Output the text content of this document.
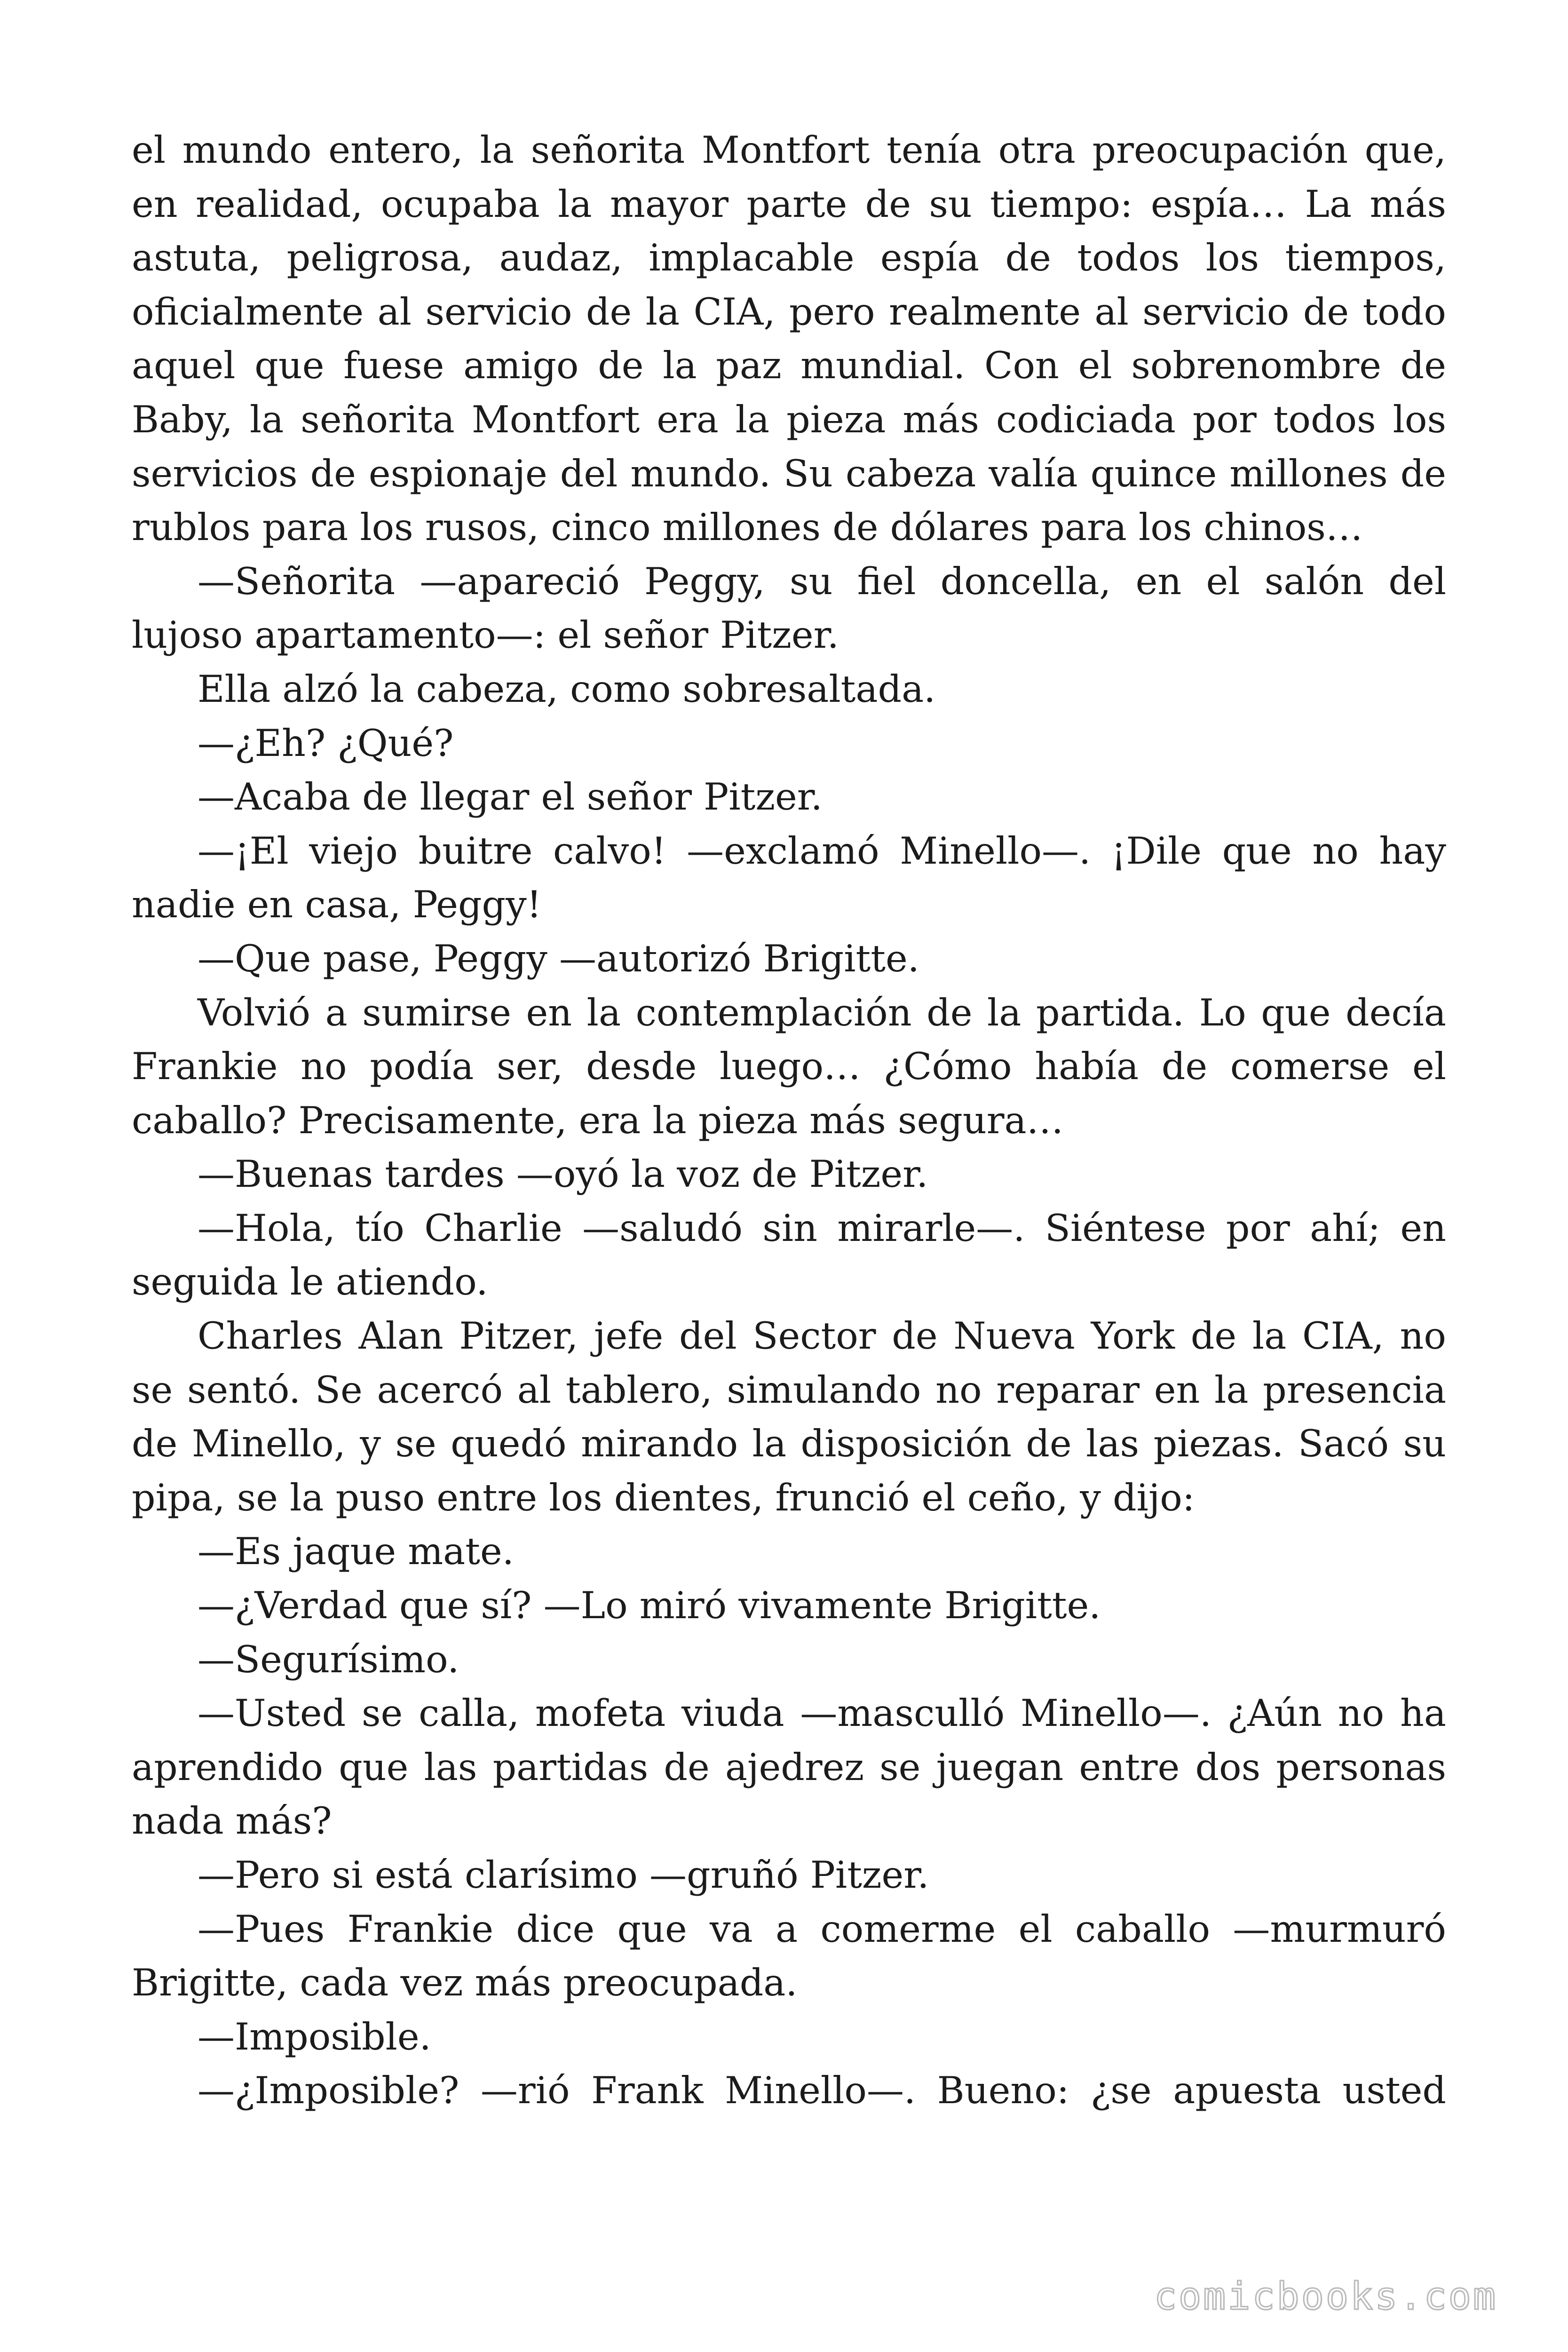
el mundo entero, la señorita Montfort tenía otra preocupación que, en realidad, ocupaba la mayor parte de su tiempo: espía… La más astuta, peligrosa, audaz, implacable espía de todos los tiempos, oficialmente al servicio de la CIA, pero realmente al servicio de todo aquel que fuese amigo de la paz mundial. Con el sobrenombre de Baby, la señorita Montfort era la pieza más codiciada por todos los servicios de espionaje del mundo. Su cabeza valía quince millones de rublos para los rusos, cinco millones de dólares para los chinos…

—Señorita —apareció Peggy, su fiel doncella, en el salón del lujoso apartamento—: el señor Pitzer.

Ella alzó la cabeza, como sobresaltada.

—¿Eh? ¿Qué?

—Acaba de llegar el señor Pitzer.

—¡El viejo buitre calvo! —exclamó Minello—. ¡Dile que no hay nadie en casa, Peggy!

—Que pase, Peggy —autorizó Brigitte.

Volvió a sumirse en la contemplación de la partida. Lo que decía Frankie no podía ser, desde luego… ¿Cómo había de comerse el caballo? Precisamente, era la pieza más segura…

—Buenas tardes —oyó la voz de Pitzer.

—Hola, tío Charlie —saludó sin mirarle—. Siéntese por ahí; en seguida le atiendo.

Charles Alan Pitzer, jefe del Sector de Nueva York de la CIA, no se sentó. Se acercó al tablero, simulando no reparar en la presencia de Minello, y se quedó mirando la disposición de las piezas. Sacó su pipa, se la puso entre los dientes, frunció el ceño, y dijo:

—Es jaque mate.

—¿Verdad que sí? —Lo miró vivamente Brigitte.

—Segurísimo.

—Usted se calla, mofeta viuda —masculló Minello—. ¿Aún no ha aprendido que las partidas de ajedrez se juegan entre dos personas nada más?

—Pero si está clarísimo —gruñó Pitzer.

—Pues Frankie dice que va a comerme el caballo —murmuró Brigitte, cada vez más preocupada.

—Imposible.

—¿Imposible? —rió Frank Minello—. Bueno: ¿se apuesta usted

comicbooks.com
